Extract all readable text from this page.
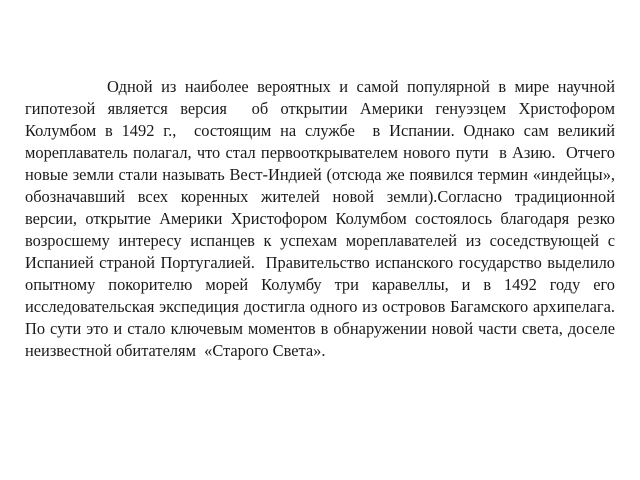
Одной из наиболее вероятных и самой популярной в мире научной гипотезой является версия  об открытии Америки генуэзцем Христофором Колумбом в 1492 г.,  состоящим на службе  в Испании. Однако сам великий мореплаватель полагал, что стал первооткрывателем нового пути  в Азию.  Отчего новые земли стали называть Вест-Индией (отсюда же появился термин «индейцы», обозначавший всех коренных жителей новой земли).Согласно традиционной версии, открытие Америки Христофором Колумбом состоялось благодаря резко возросшему интересу испанцев к успехам мореплавателей из соседствующей с Испанией страной Португалией.  Правительство испанского государство выделило опытному покорителю морей Колумбу три каравеллы, и в 1492 году его исследовательская экспедиция достигла одного из островов Багамского архипелага. По сути это и стало ключевым моментов в обнаружении новой части света, доселе неизвестной обитателям  «Старого Света».
